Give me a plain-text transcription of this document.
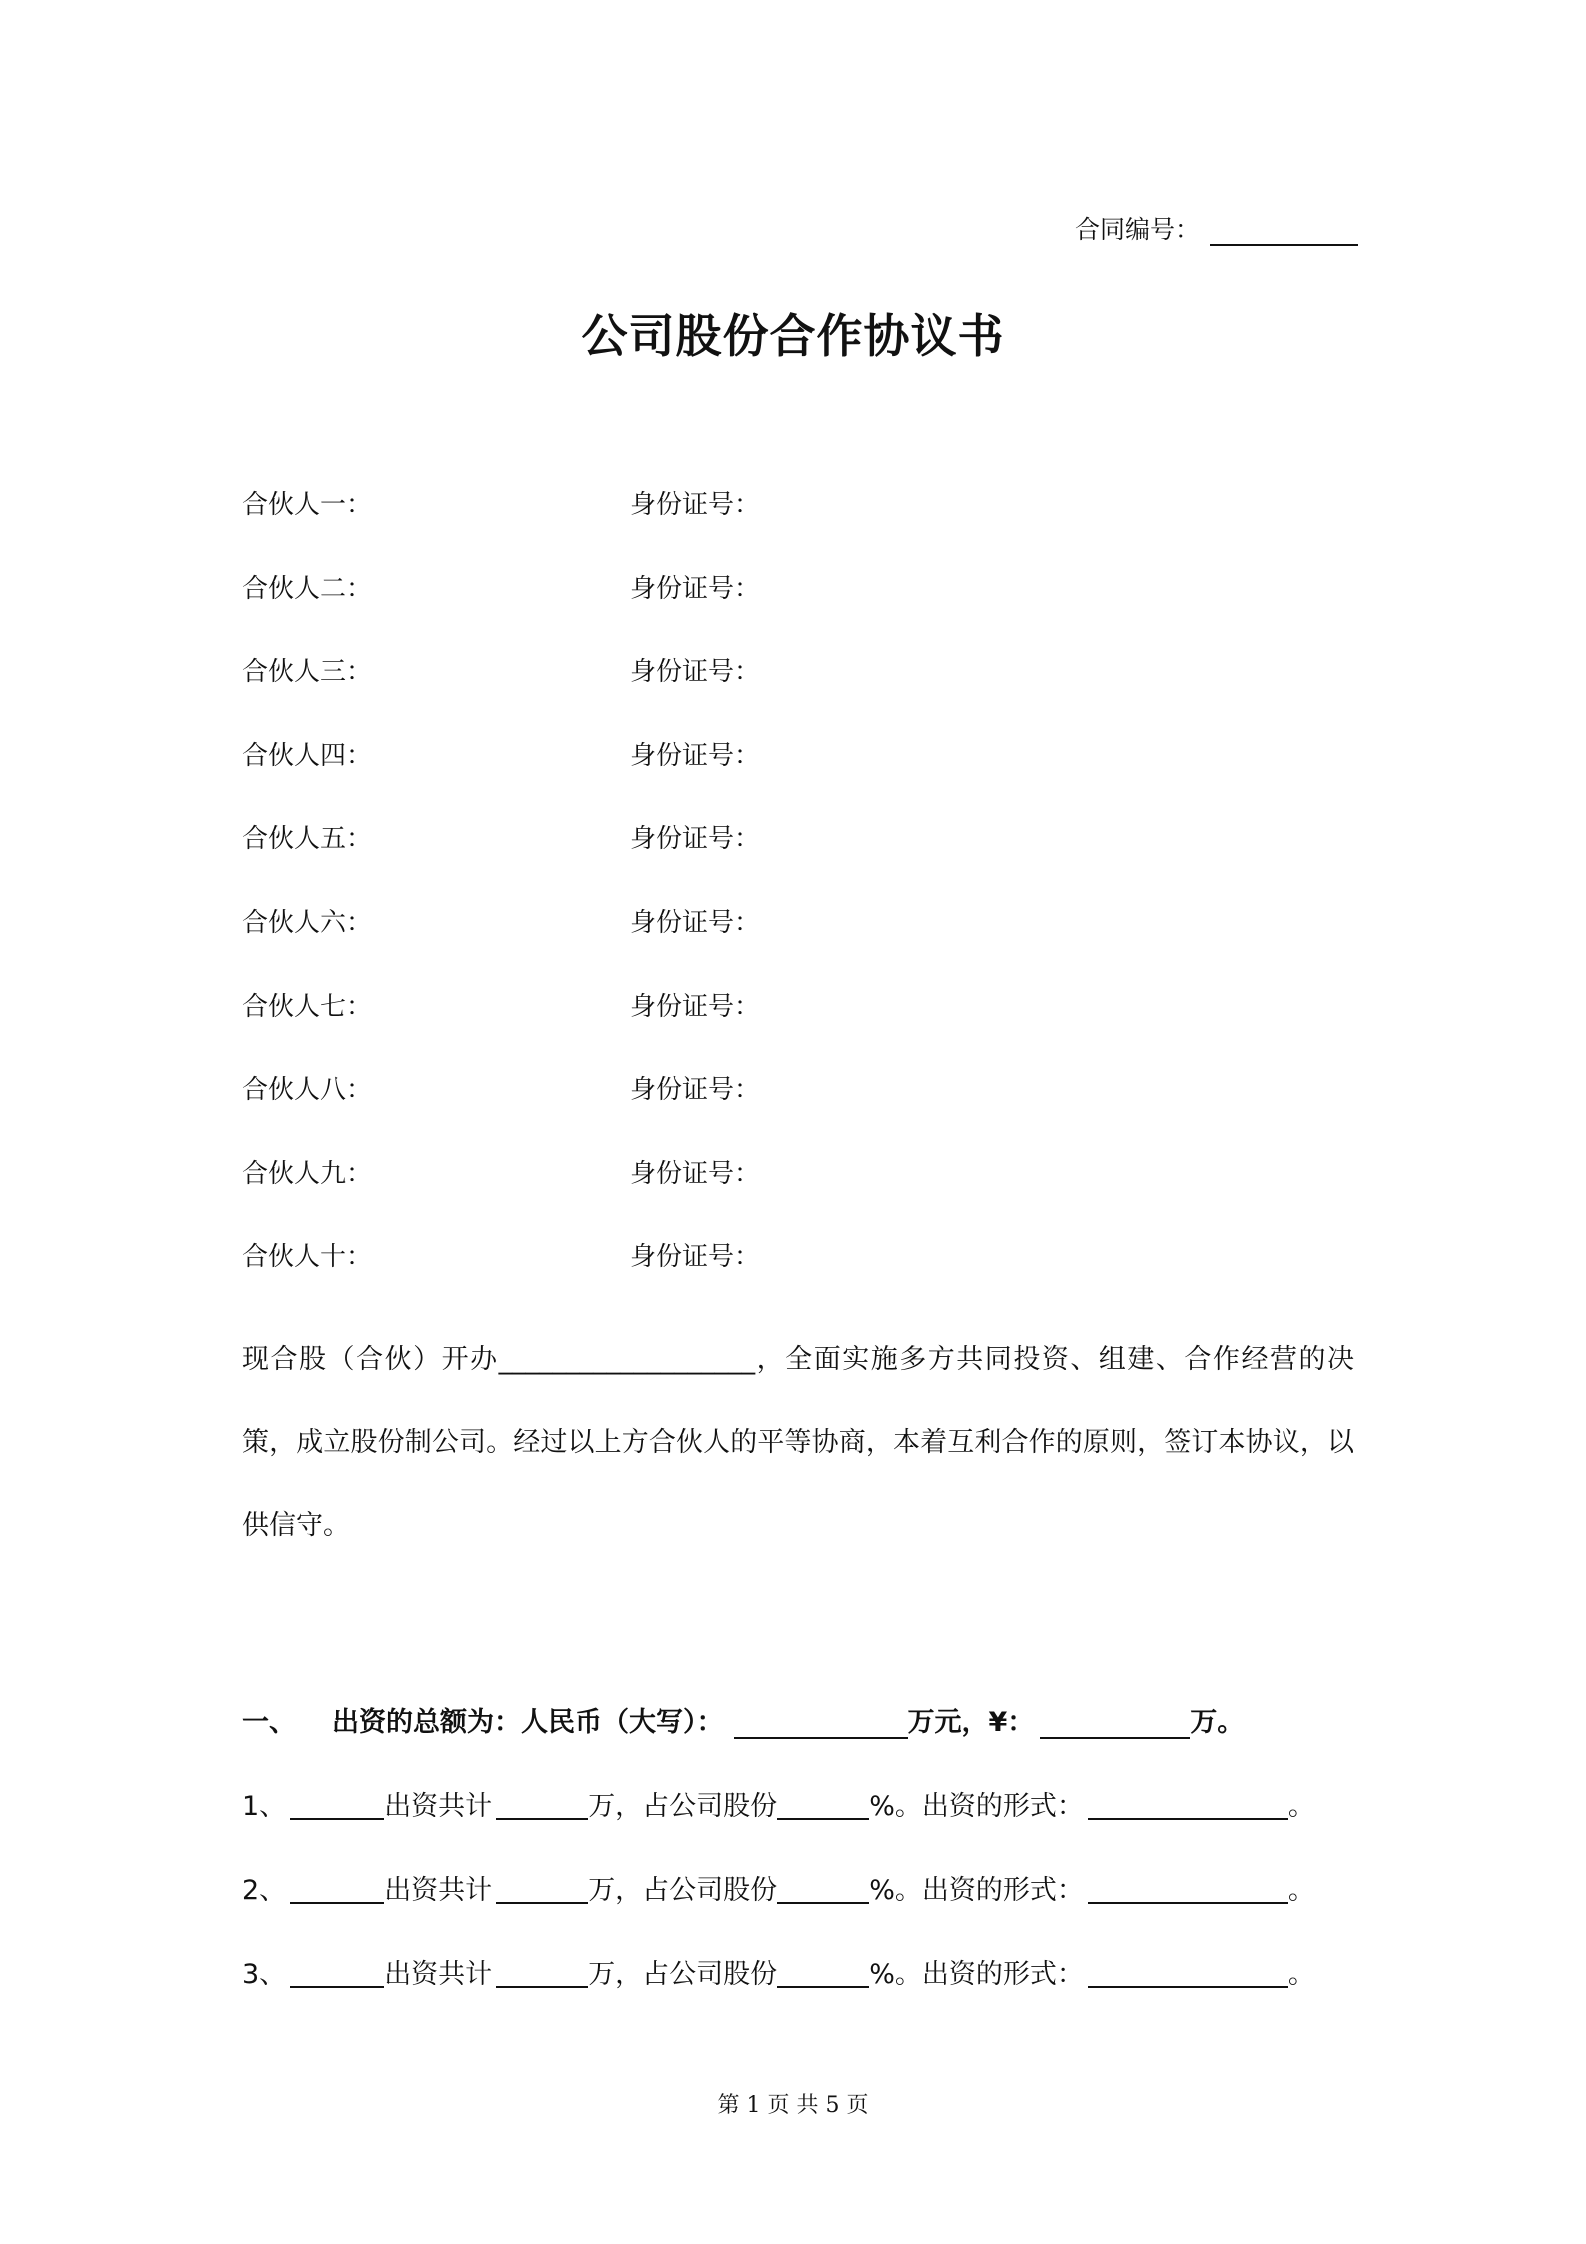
合同编号：
公司股份合作协议书
合伙人一：	身份证号：
合伙人二：	身份证号：
合伙人三：	身份证号：
合伙人四：	身份证号：
合伙人五：	身份证号：
合伙人六：	身份证号：
合伙人七：	身份证号：
合伙人八：	身份证号：
合伙人九：	身份证号：
合伙人十：	身份证号：
现合股（合伙）开办___________________，全面实施多方共同投资、组建、合作经营的决策，成立股份制公司。经过以上方合伙人的平等协商，本着互利合作的原则，签订本协议，以供信守。
一、 出资的总额为：人民币（大写）：	万元，¥：	万。
1、	出资共计	万，占公司股份	%。出资的形式：	。
2、	出资共计	万，占公司股份	%。出资的形式：	。
3、	出资共计	万，占公司股份	%。出资的形式：	。
第 1 页 共 5 页
